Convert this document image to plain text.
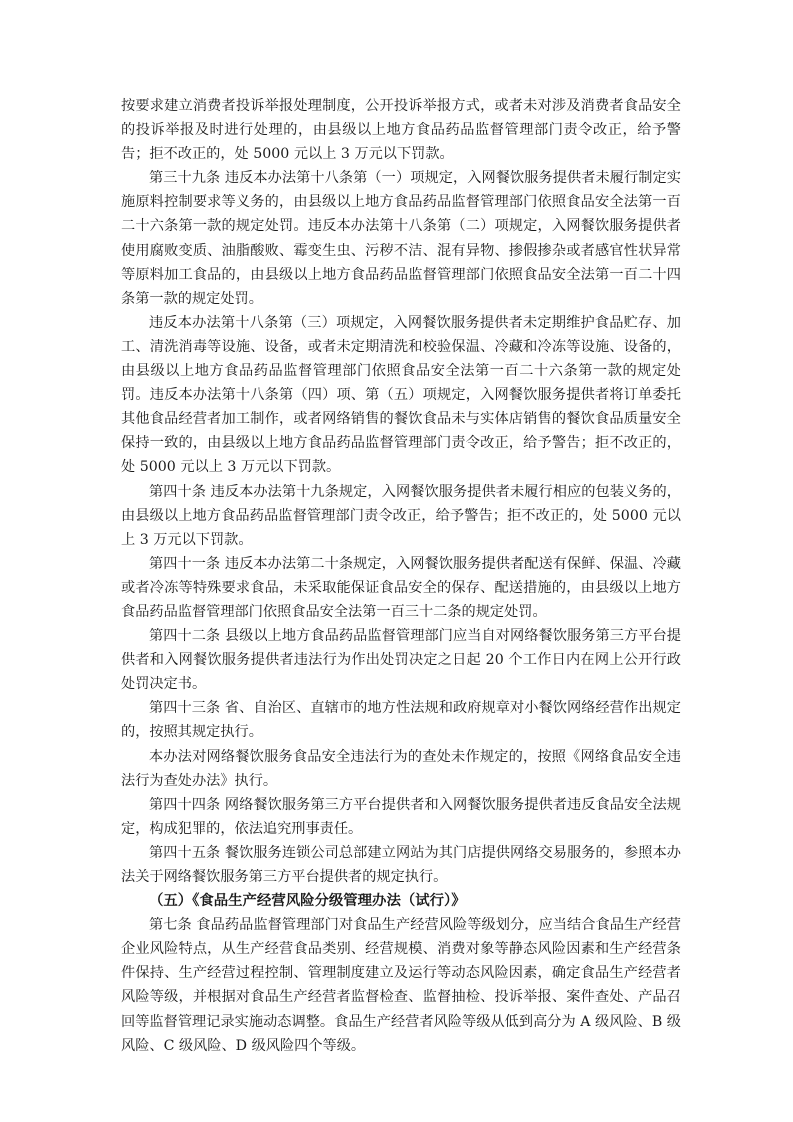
按要求建立消费者投诉举报处理制度，公开投诉举报方式，或者未对涉及消费者食品安全的投诉举报及时进行处理的，由县级以上地方食品药品监督管理部门责令改正，给予警告；拒不改正的，处 5000 元以上 3 万元以下罚款。

第三十九条 违反本办法第十八条第（一）项规定，入网餐饮服务提供者未履行制定实施原料控制要求等义务的，由县级以上地方食品药品监督管理部门依照食品安全法第一百二十六条第一款的规定处罚。违反本办法第十八条第（二）项规定，入网餐饮服务提供者使用腐败变质、油脂酸败、霉变生虫、污秽不洁、混有异物、掺假掺杂或者感官性状异常等原料加工食品的，由县级以上地方食品药品监督管理部门依照食品安全法第一百二十四条第一款的规定处罚。

违反本办法第十八条第（三）项规定，入网餐饮服务提供者未定期维护食品贮存、加工、清洗消毒等设施、设备，或者未定期清洗和校验保温、冷藏和冷冻等设施、设备的，由县级以上地方食品药品监督管理部门依照食品安全法第一百二十六条第一款的规定处罚。违反本办法第十八条第（四）项、第（五）项规定，入网餐饮服务提供者将订单委托其他食品经营者加工制作，或者网络销售的餐饮食品未与实体店销售的餐饮食品质量安全保持一致的，由县级以上地方食品药品监督管理部门责令改正，给予警告；拒不改正的，处 5000 元以上 3 万元以下罚款。

第四十条 违反本办法第十九条规定，入网餐饮服务提供者未履行相应的包装义务的，由县级以上地方食品药品监督管理部门责令改正，给予警告；拒不改正的，处 5000 元以上 3 万元以下罚款。

第四十一条 违反本办法第二十条规定，入网餐饮服务提供者配送有保鲜、保温、冷藏或者冷冻等特殊要求食品，未采取能保证食品安全的保存、配送措施的，由县级以上地方食品药品监督管理部门依照食品安全法第一百三十二条的规定处罚。

第四十二条 县级以上地方食品药品监督管理部门应当自对网络餐饮服务第三方平台提供者和入网餐饮服务提供者违法行为作出处罚决定之日起 20 个工作日内在网上公开行政处罚决定书。

第四十三条 省、自治区、直辖市的地方性法规和政府规章对小餐饮网络经营作出规定的，按照其规定执行。

本办法对网络餐饮服务食品安全违法行为的查处未作规定的，按照《网络食品安全违法行为查处办法》执行。

第四十四条 网络餐饮服务第三方平台提供者和入网餐饮服务提供者违反食品安全法规定，构成犯罪的，依法追究刑事责任。

第四十五条 餐饮服务连锁公司总部建立网站为其门店提供网络交易服务的，参照本办法关于网络餐饮服务第三方平台提供者的规定执行。

（五）《食品生产经营风险分级管理办法（试行）》

第七条 食品药品监督管理部门对食品生产经营风险等级划分，应当结合食品生产经营企业风险特点，从生产经营食品类别、经营规模、消费对象等静态风险因素和生产经营条件保持、生产经营过程控制、管理制度建立及运行等动态风险因素，确定食品生产经营者风险等级，并根据对食品生产经营者监督检查、监督抽检、投诉举报、案件查处、产品召回等监督管理记录实施动态调整。食品生产经营者风险等级从低到高分为 A 级风险、B 级风险、C 级风险、D 级风险四个等级。
